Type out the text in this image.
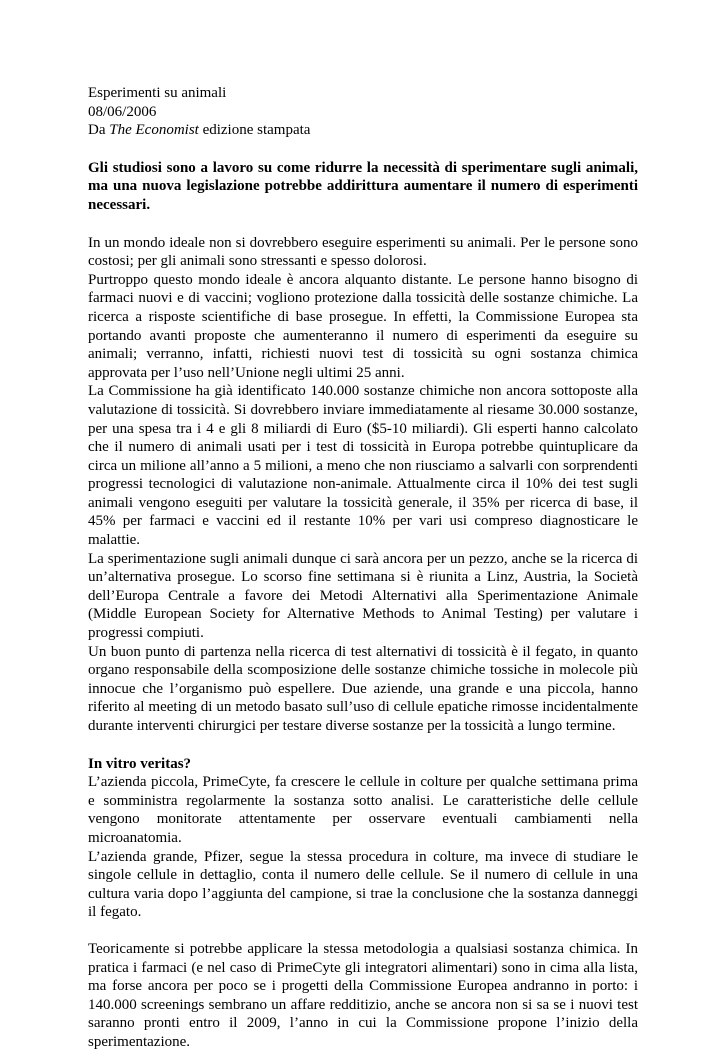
Esperimenti su animali

08/06/2006

Da The Economist edizione stampata

Gli studiosi sono a lavoro su come ridurre la necessità di sperimentare sugli animali, ma una nuova legislazione potrebbe addirittura aumentare il numero di esperimenti necessari.

In un mondo ideale non si dovrebbero eseguire esperimenti su animali. Per le persone sono costosi; per gli animali sono stressanti e spesso dolorosi.

Purtroppo questo mondo ideale è ancora alquanto distante. Le persone hanno bisogno di farmaci nuovi e di vaccini; vogliono protezione dalla tossicità delle sostanze chimiche. La ricerca a risposte scientifiche di base prosegue. In effetti, la Commissione Europea sta portando avanti proposte che aumenteranno il numero di esperimenti da eseguire su animali; verranno, infatti, richiesti nuovi test di tossicità su ogni sostanza chimica approvata per l’uso nell’Unione negli ultimi 25 anni.

La Commissione ha già identificato 140.000 sostanze chimiche non ancora sottoposte alla valutazione di tossicità. Si dovrebbero inviare immediatamente al riesame 30.000 sostanze, per una spesa tra i 4 e gli 8 miliardi di Euro ($5-10 miliardi). Gli esperti hanno calcolato che il numero di animali usati per i test di tossicità in Europa potrebbe quintuplicare da circa un milione all’anno a 5 milioni, a meno che non riusciamo a salvarli con sorprendenti progressi tecnologici di valutazione non-animale. Attualmente circa il 10% dei test sugli animali vengono eseguiti per valutare la tossicità generale, il 35% per ricerca di base, il 45% per farmaci e vaccini ed il restante 10% per vari usi compreso diagnosticare le malattie.

La sperimentazione sugli animali dunque ci sarà ancora per un pezzo, anche se la ricerca di un’alternativa prosegue. Lo scorso fine settimana si è riunita a Linz, Austria, la Società dell’Europa Centrale a favore dei Metodi Alternativi alla Sperimentazione Animale (Middle European Society for Alternative Methods to Animal Testing) per valutare i progressi compiuti.

Un buon punto di partenza nella ricerca di test alternativi di tossicità è il fegato, in quanto organo responsabile della scomposizione delle sostanze chimiche tossiche in molecole più innocue che l’organismo può espellere. Due aziende, una grande e una piccola, hanno riferito al meeting di un metodo basato sull’uso di cellule epatiche rimosse incidentalmente durante interventi chirurgici per testare diverse sostanze per la tossicità a lungo termine.

In vitro veritas?

L’azienda piccola, PrimeCyte, fa crescere le cellule in colture per qualche settimana prima e somministra regolarmente la sostanza sotto analisi. Le caratteristiche delle cellule vengono monitorate attentamente per osservare eventuali cambiamenti nella microanatomia.

L’azienda grande, Pfizer, segue la stessa procedura in colture, ma invece di studiare le singole cellule in dettaglio, conta il numero delle cellule. Se il numero di cellule in una cultura varia dopo l’aggiunta del campione, si trae la conclusione che la sostanza danneggi il fegato.

Teoricamente si potrebbe applicare la stessa metodologia a qualsiasi sostanza chimica. In pratica i farmaci (e nel caso di PrimeCyte gli integratori alimentari) sono in cima alla lista, ma forse ancora per poco se i progetti della Commissione Europea andranno in porto: i 140.000 screenings sembrano un affare redditizio, anche se ancora non si sa se i nuovi test saranno pronti entro il 2009, l’anno in cui la Commissione propone l’inizio della sperimentazione.
